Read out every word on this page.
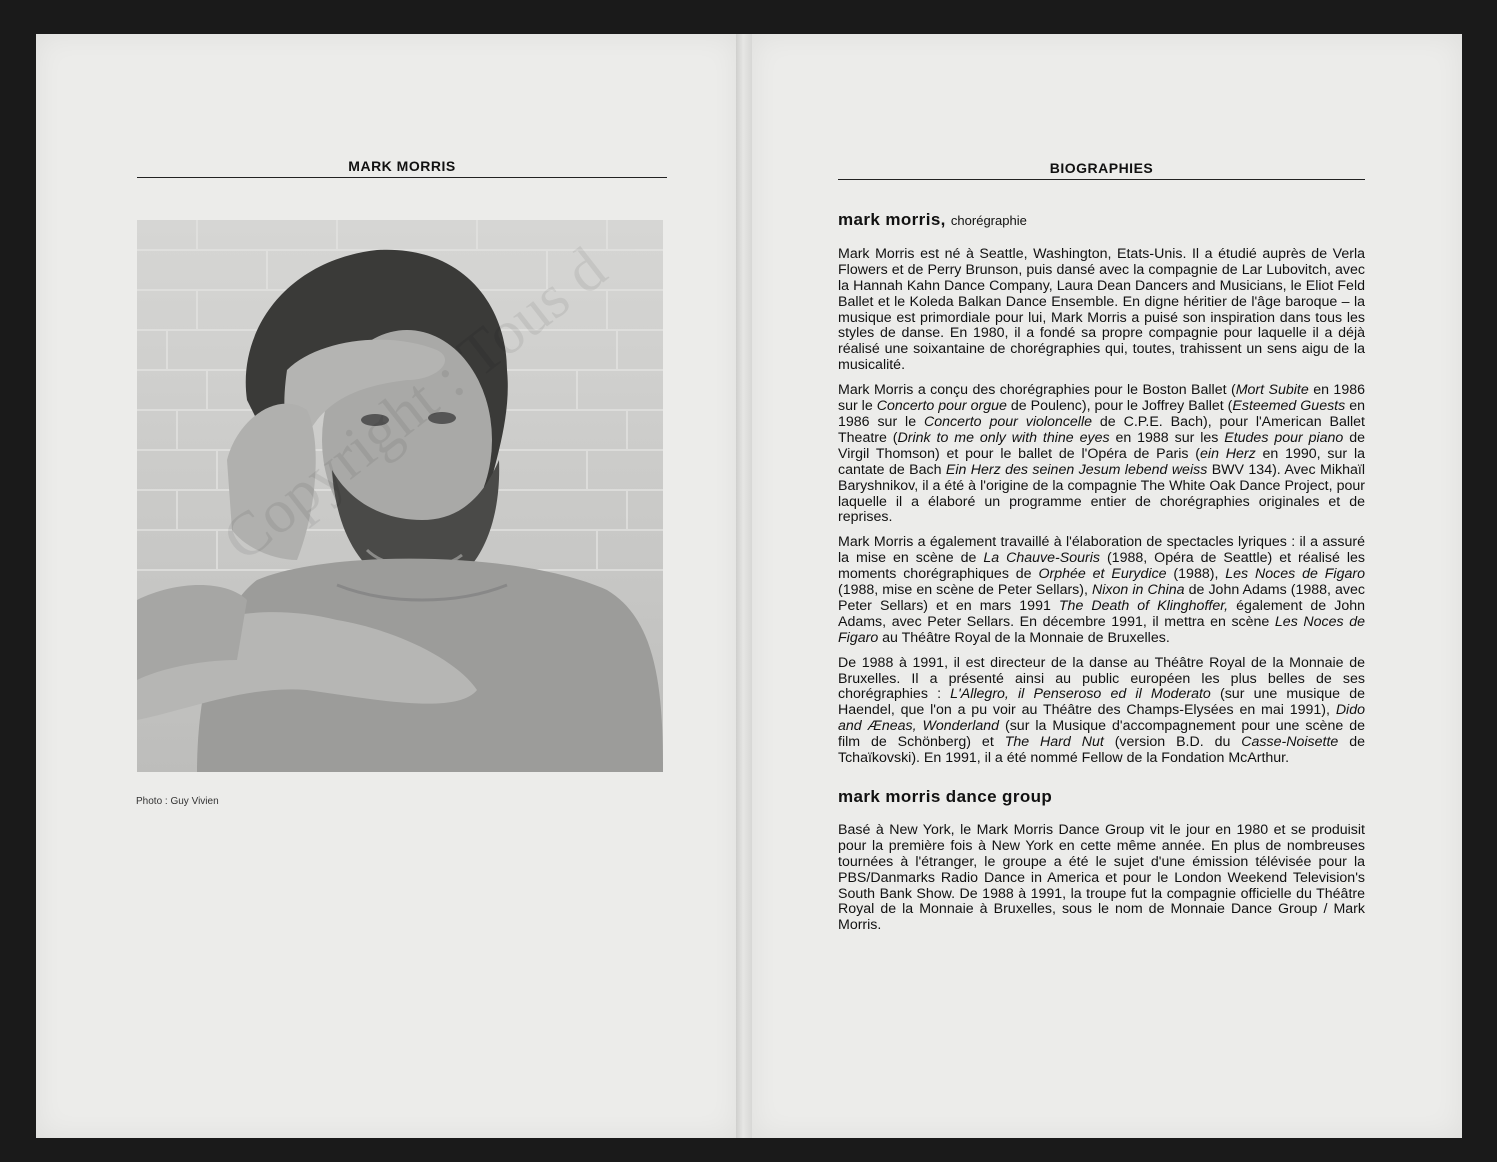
MARK MORRIS
Photo : Guy Vivien
BIOGRAPHIES
mark morris, chorégraphie

Mark Morris est né à Seattle, Washington, Etats-Unis. Il a étudié auprès de Verla Flowers et de Perry Brunson, puis dansé avec la compagnie de Lar Lubovitch, avec la Hannah Kahn Dance Company, Laura Dean Dancers and Musicians, le Eliot Feld Ballet et le Koleda Balkan Dance Ensemble. En digne héritier de l'âge baroque – la musique est primordiale pour lui, Mark Morris a puisé son inspiration dans tous les styles de danse. En 1980, il a fondé sa propre compagnie pour laquelle il a déjà réalisé une soixantaine de chorégraphies qui, toutes, trahissent un sens aigu de la musicalité.

Mark Morris a conçu des chorégraphies pour le Boston Ballet (Mort Subite en 1986 sur le Concerto pour orgue de Poulenc), pour le Joffrey Ballet (Esteemed Guests en 1986 sur le Concerto pour violoncelle de C.P.E. Bach), pour l'American Ballet Theatre (Drink to me only with thine eyes en 1988 sur les Etudes pour piano de Virgil Thomson) et pour le ballet de l'Opéra de Paris (ein Herz en 1990, sur la cantate de Bach Ein Herz des seinen Jesum lebend weiss BWV 134). Avec Mikhaïl Baryshnikov, il a été à l'origine de la compagnie The White Oak Dance Project, pour laquelle il a élaboré un programme entier de chorégraphies originales et de reprises.

Mark Morris a également travaillé à l'élaboration de spectacles lyriques : il a assuré la mise en scène de La Chauve-Souris (1988, Opéra de Seattle) et réalisé les moments chorégraphiques de Orphée et Eurydice (1988), Les Noces de Figaro (1988, mise en scène de Peter Sellars), Nixon in China de John Adams (1988, avec Peter Sellars) et en mars 1991 The Death of Klinghoffer, également de John Adams, avec Peter Sellars. En décembre 1991, il mettra en scène Les Noces de Figaro au Théâtre Royal de la Monnaie de Bruxelles.

De 1988 à 1991, il est directeur de la danse au Théâtre Royal de la Monnaie de Bruxelles. Il a présenté ainsi au public européen les plus belles de ses chorégraphies : L'Allegro, il Penseroso ed il Moderato (sur une musique de Haendel, que l'on a pu voir au Théâtre des Champs-Elysées en mai 1991), Dido and Æneas, Wonderland (sur la Musique d'accompagnement pour une scène de film de Schönberg) et The Hard Nut (version B.D. du Casse-Noisette de Tchaïkovski). En 1991, il a été nommé Fellow de la Fondation McArthur.

mark morris dance group

Basé à New York, le Mark Morris Dance Group vit le jour en 1980 et se produisit pour la première fois à New York en cette même année. En plus de nombreuses tournées à l'étranger, le groupe a été le sujet d'une émission télévisée pour la PBS/Danmarks Radio Dance in America et pour le London Weekend Television's South Bank Show. De 1988 à 1991, la troupe fut la compagnie officielle du Théâtre Royal de la Monnaie à Bruxelles, sous le nom de Monnaie Dance Group / Mark Morris.
